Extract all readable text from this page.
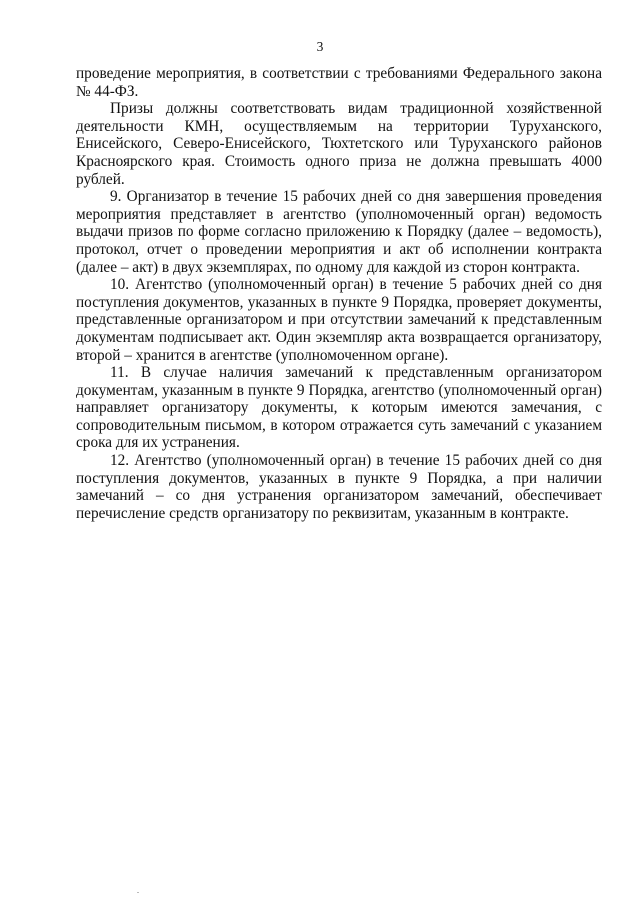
3

проведение мероприятия, в соответствии с требованиями Федерального закона № 44-ФЗ.

Призы должны соответствовать видам традиционной хозяйственной деятельности КМН, осуществляемым на территории Туруханского, Енисейского, Северо-Енисейского, Тюхтетского или Туруханского районов Красноярского края. Стоимость одного приза не должна превышать 4000 рублей.

9. Организатор в течение 15 рабочих дней со дня завершения проведения мероприятия представляет в агентство (уполномоченный орган) ведомость выдачи призов по форме согласно приложению к Порядку (далее – ведомость), протокол, отчет о проведении мероприятия и акт об исполнении контракта (далее – акт) в двух экземплярах, по одному для каждой из сторон контракта.

10. Агентство (уполномоченный орган) в течение 5 рабочих дней со дня поступления документов, указанных в пункте 9 Порядка, проверяет документы, представленные организатором и при отсутствии замечаний к представленным документам подписывает акт. Один экземпляр акта возвращается организатору, второй – хранится в агентстве (уполномоченном органе).

11. В случае наличия замечаний к представленным организатором документам, указанным в пункте 9 Порядка, агентство (уполномоченный орган) направляет организатору документы, к которым имеются замечания, с сопроводительным письмом, в котором отражается суть замечаний с указанием срока для их устранения.

12. Агентство (уполномоченный орган) в течение 15 рабочих дней со дня поступления документов, указанных в пункте 9 Порядка, а при наличии замечаний – со дня устранения организатором замечаний, обеспечивает перечисление средств организатору по реквизитам, указанным в контракте.
